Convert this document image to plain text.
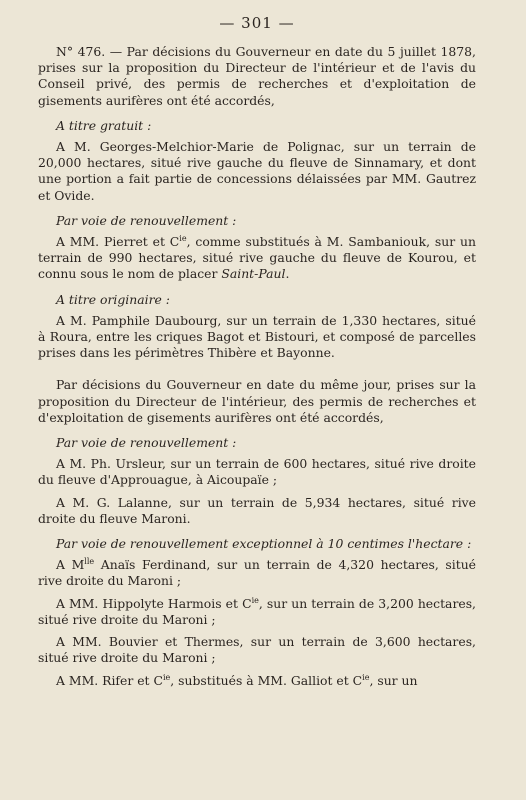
— 301 —

N° 476. — Par décisions du Gouverneur en date du 5 juillet 1878, prises sur la proposition du Directeur de l'intérieur et de l'avis du Conseil privé, des permis de recherches et d'exploitation de gisements aurifères ont été accordés,

A titre gratuit :

A M. Georges-Melchior-Marie de Polignac, sur un terrain de 20,000 hectares, situé rive gauche du fleuve de Sinnamary, et dont une portion a fait partie de concessions délaissées par MM. Gautrez et Ovide.

Par voie de renouvellement :

A MM. Pierret et $C^{ie}$, comme substitués à M. Sambaniouk, sur un terrain de 990 hectares, situé rive gauche du fleuve de Kourou, et connu sous le nom de placer Saint-Paul.

A titre originaire :

A M. Pamphile Daubourg, sur un terrain de 1,330 hectares, situé à Roura, entre les criques Bagot et Bistouri, et composé de parcelles prises dans les périmètres Thibère et Bayonne.

Par décisions du Gouverneur en date du même jour, prises sur la proposition du Directeur de l'intérieur, des permis de recherches et d'exploitation de gisements aurifères ont été accordés,

Par voie de renouvellement :

A M. Ph. Ursleur, sur un terrain de 600 hectares, situé rive droite du fleuve d'Approuague, à Aicoupaïe ;

A M. G. Lalanne, sur un terrain de 5,934 hectares, situé rive droite du fleuve Maroni.

Par voie de renouvellement exceptionnel à 10 centimes l'hectare :

A $M^{lle}$ Anaïs Ferdinand, sur un terrain de 4,320 hectares, situé rive droite du Maroni ;

A MM. Hippolyte Harmois et $C^{ie}$, sur un terrain de 3,200 hectares, situé rive droite du Maroni ;

A MM. Bouvier et Thermes, sur un terrain de 3,600 hectares, situé rive droite du Maroni ;

A MM. Rifer et $C^{ie}$, substitués à MM. Galliot et $C^{ie}$, sur un
